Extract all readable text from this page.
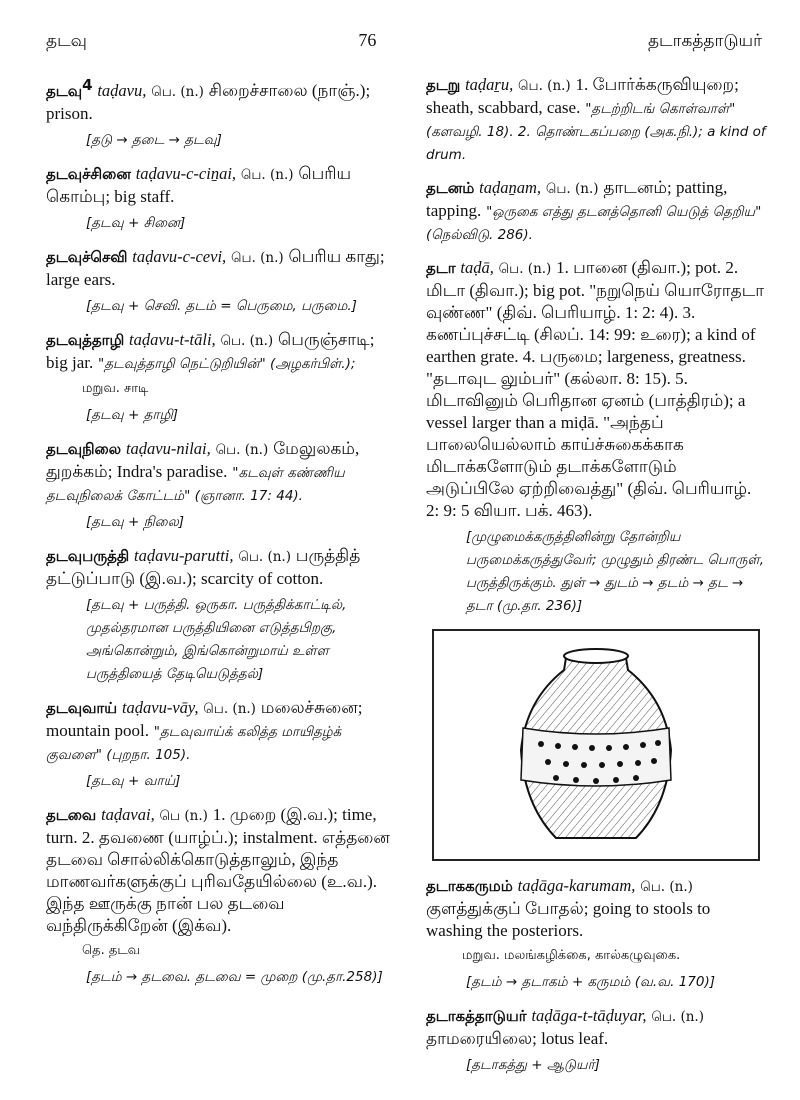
தடவு	76	தடாகத்தாடுயர்
தடவு$^4$ taḍavu, பெ. (n.) சிறைச்சாலை (நாஞ்.); prison.
[தடு → தடை → தடவு]
தடவுச்சினை taḍavu-c-ciṉai, பெ. (n.) பெரிய கொம்பு; big staff.
[தடவு + சினை]
தடவுச்செவி taḍavu-c-cevi, பெ. (n.) பெரிய காது; large ears.
[தடவு + செவி. தடம் = பெருமை, பருமை.]
தடவுத்தாழி taḍavu-t-tāli, பெ. (n.) பெருஞ்சாடி; big jar. "தடவுத்தாழி நெட்டுறியின்" (அழகர்பிள்.);
மறுவ. சாடி
[தடவு + தாழி]
தடவுநிலை taḍavu-nilai, பெ. (n.) மேலுலகம், துறக்கம்; Indra's paradise. "கடவுள் கண்ணிய தடவுநிலைக் கோட்டம்" (ஞானா. 17: 44).
[தடவு + நிலை]
தடவுபருத்தி taḍavu-parutti, பெ. (n.) பருத்தித் தட்டுப்பாடு (இ.வ.); scarcity of cotton.
[தடவு + பருத்தி. ஒருகா. பருத்திக்காட்டில், முதல்தரமான பருத்தியினை எடுத்தபிறகு, அங்கொன்றும், இங்கொன்றுமாய் உள்ள பருத்தியைத் தேடியெடுத்தல்]
தடவுவாய் taḍavu-vāy, பெ. (n.) மலைச்சுனை; mountain pool. "தடவுவாய்க் கலித்த மாயிதழ்க் குவளை" (புறநா. 105).
[தடவு + வாய்]
தடவை taḍavai, பெ (n.) 1. முறை (இ.வ.); time, turn. 2. தவணை (யாழ்ப்.); instalment. எத்தனை தடவை சொல்லிக்கொடுத்தாலும், இந்த மாணவர்களுக்குப் புரிவதேயில்லை (உ.வ.). இந்த ஊருக்கு நான் பல தடவை வந்திருக்கிறேன் (இக்வ).
தெ. தடவ
[தடம் → தடவை. தடவை = முறை (மு.தா.258)]
தடறு taḍaṟu, பெ. (n.) 1. போர்க்கருவியுறை; sheath, scabbard, case. "தடற்றிடங் கொள்வாள்" (களவழி. 18). 2. தொண்டகப்பறை (அக.நி.); a kind of drum.
தடனம் taḍaṉam, பெ. (n.) தாடனம்; patting, tapping. "ஒருகை எத்து தடனத்தொனி யெடுத் தெறிய" (நெல்விடு. 286).
தடா taḍā, பெ. (n.) 1. பானை (திவா.); pot. 2. மிடா (திவா.); big pot. "நறுநெய் யொரோதடா வுண்ண" (திவ். பெரியாழ். 1: 2: 4). 3. கணப்புச்சட்டி (சிலப். 14: 99: உரை); a kind of earthen grate. 4. பருமை; largeness, greatness. "தடாவுட லும்பர்" (கல்லா. 8: 15). 5. மிடாவினும் பெரிதான ஏனம் (பாத்திரம்); a vessel larger than a miḍā. "அந்தப் பாலையெல்லாம் காய்ச்சுகைக்காக மிடாக்களோடும் தடாக்களோடும் அடுப்பிலே ஏற்றிவைத்து" (திவ். பெரியாழ். 2: 9: 5 வியா. பக். 463).
[முழுமைக்கருத்தினின்று தோன்றிய பருமைக்கருத்துவேர்; முழுதும் திரண்ட பொருள், பருத்திருக்கும். துள் → துடம் → தடம் → தட → தடா (மு.தா. 236)]
தடாககருமம் taḍāga-karumam, பெ. (n.) குளத்துக்குப் போதல்; going to stools to washing the posteriors.
மறுவ. மலங்கழிக்கை, கால்கழுவுகை.
[தடம் → தடாகம் + கருமம் (வ.வ. 170)]
தடாகத்தாடுயர் taḍāga-t-tāḍuyar, பெ. (n.) தாமரையிலை; lotus leaf.
[தடாகத்து + ஆடுயர்]
